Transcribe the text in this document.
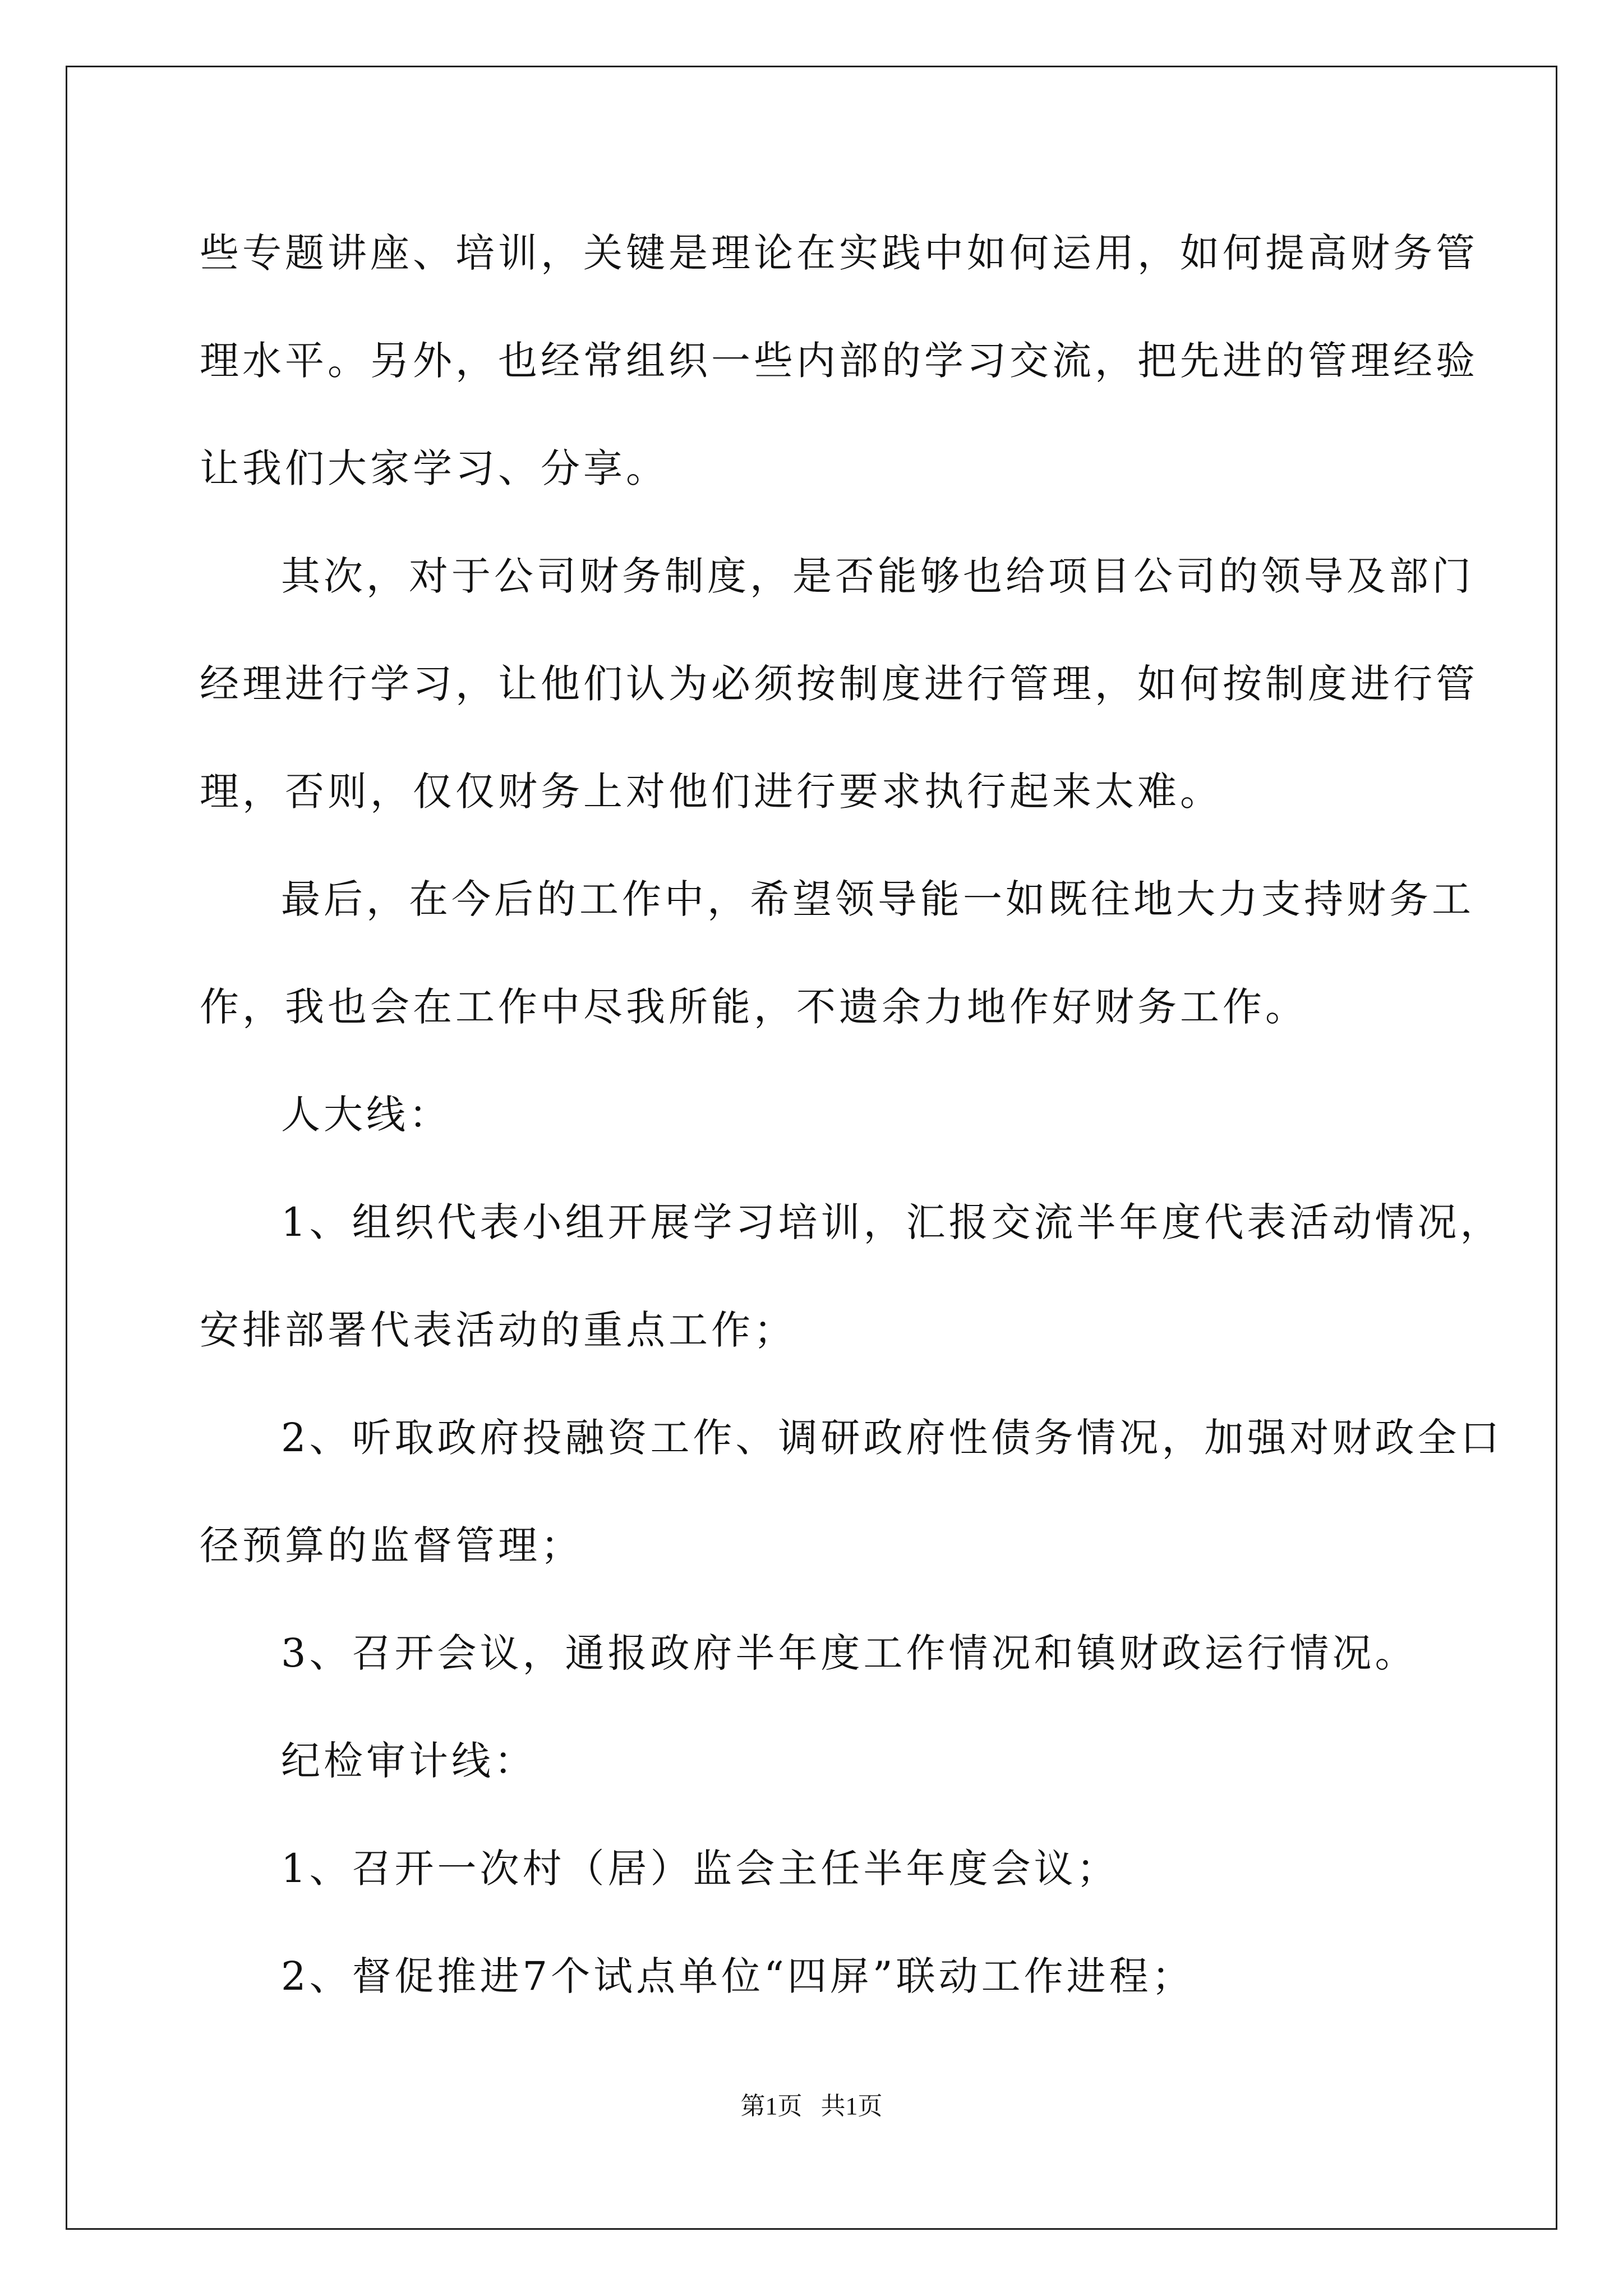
些专题讲座、培训，关键是理论在实践中如何运用，如何提高财务管
理水平。另外，也经常组织一些内部的学习交流，把先进的管理经验
让我们大家学习、分享。
其次，对于公司财务制度，是否能够也给项目公司的领导及部门
经理进行学习，让他们认为必须按制度进行管理，如何按制度进行管
理，否则，仅仅财务上对他们进行要求执行起来太难。
最后，在今后的工作中，希望领导能一如既往地大力支持财务工
作，我也会在工作中尽我所能，不遗余力地作好财务工作。
人大线：
1、组织代表小组开展学习培训，汇报交流半年度代表活动情况，
安排部署代表活动的重点工作；
2、听取政府投融资工作、调研政府性债务情况，加强对财政全口
径预算的监督管理；
3、召开会议，通报政府半年度工作情况和镇财政运行情况。
纪检审计线：
1、召开一次村（居）监会主任半年度会议；
2、督促推进7个试点单位“四屏”联动工作进程；
第1页   共1页
